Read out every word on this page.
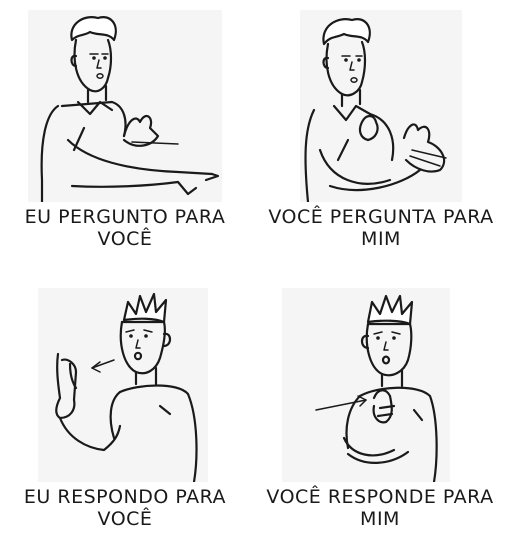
EU PERGUNTO PARA
VOCÊ
VOCÊ PERGUNTA PARA
MIM
EU RESPONDO PARA
VOCÊ
VOCÊ RESPONDE PARA
MIM
